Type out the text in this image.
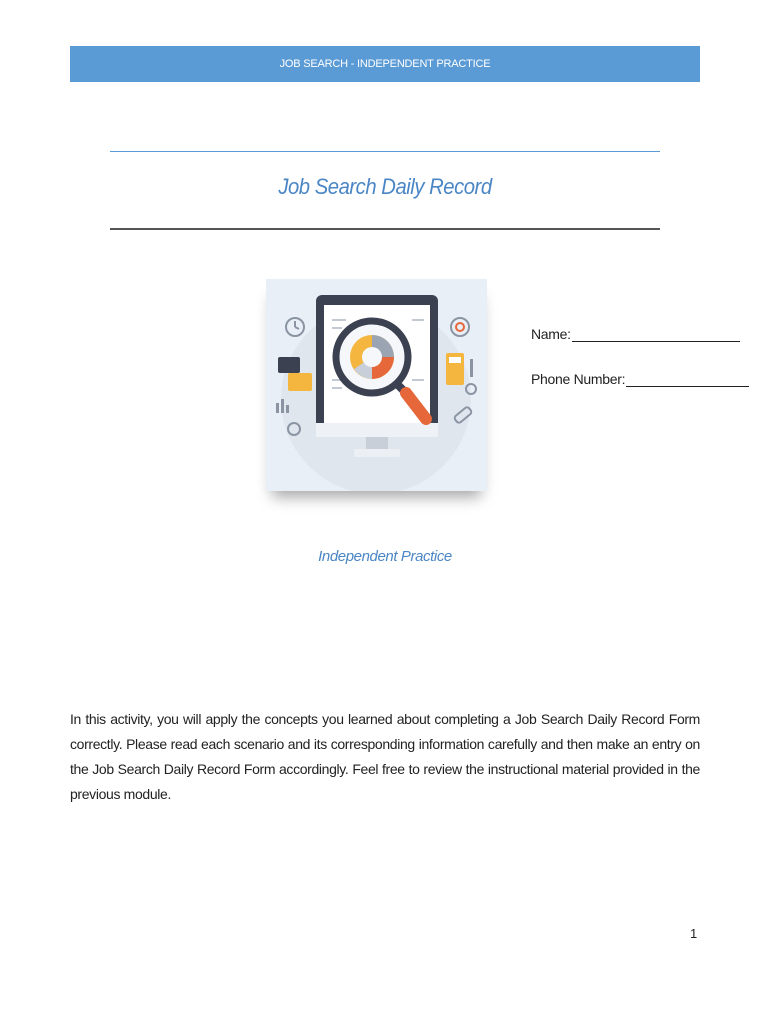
JOB SEARCH - INDEPENDENT PRACTICE
Job Search Daily Record
Name:
Phone Number:
Independent Practice
In this activity, you will apply the concepts you learned about completing a Job Search Daily Record Form correctly. Please read each scenario and its corresponding information carefully and then make an entry on the Job Search Daily Record Form accordingly. Feel free to review the instructional material provided in the previous module.
1
